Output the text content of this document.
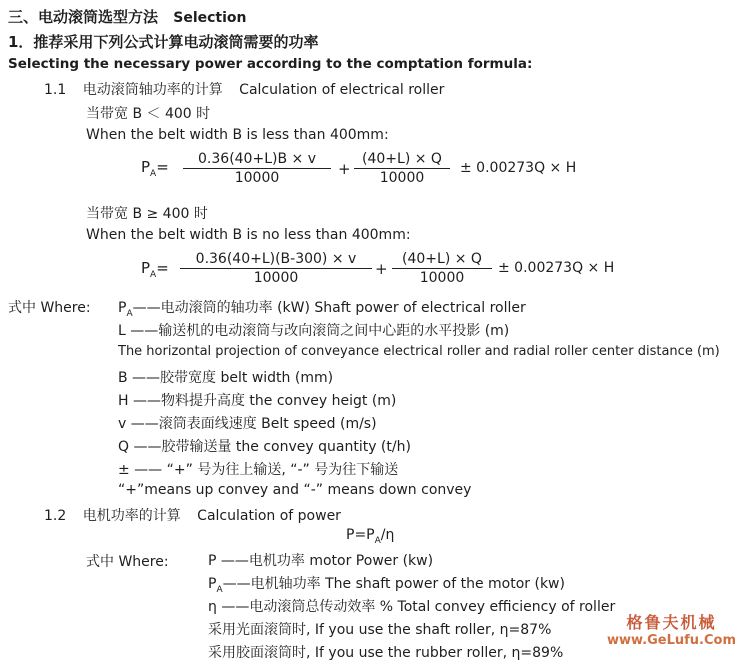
三、电动滚筒选型方法 Selection
1．推荐采用下列公式计算电动滚筒需要的功率
Selecting the necessary power according to the comptation formula:
1.1 电动滚筒轴功率的计算 Calculation of electrical roller
当带宽 B ＜ 400 时
When the belt width B is less than 400mm:
$P_A= \frac{0.36(40+L)B \times v}{10000} + \frac{(40+L) \times Q}{10000} \pm 0.00273Q \times H$
当带宽 B ≥ 400 时
When the belt width B is no less than 400mm:
$P_A= \frac{0.36(40+L)(B-300) \times v}{10000} + \frac{(40+L) \times Q}{10000} \pm 0.00273Q \times H$
式中 Where: $P_A——$电动滚筒的轴功率 (kW) Shaft power of electrical roller
L ——输送机的电动滚筒与改向滚筒之间中心距的水平投影 (m)
The horizontal projection of conveyance electrical roller and radial roller center distance (m)
B ——胶带宽度 belt width (mm)
H ——物料提升高度 the convey heigt (m)
v ——滚筒表面线速度 Belt speed (m/s)
Q ——胶带输送量 the convey quantity (t/h)
± —— “+” 号为往上输送, “-” 号为往下输送
“+”means up convey and “-” means down convey
1.2 电机功率的计算 Calculation of power
$P=P_A/\eta$
式中 Where:	P ——电机功率 motor Power (kw)
$P_A——$电机轴功率 The shaft power of the motor (kw)
η ——电动滚筒总传动效率 % Total convey efficiency of roller
采用光面滚筒时, If you use the shaft roller, η=87%
采用胶面滚筒时, If you use the rubber roller, η=89%
格鲁夫机械
www.GeLufu.Com
